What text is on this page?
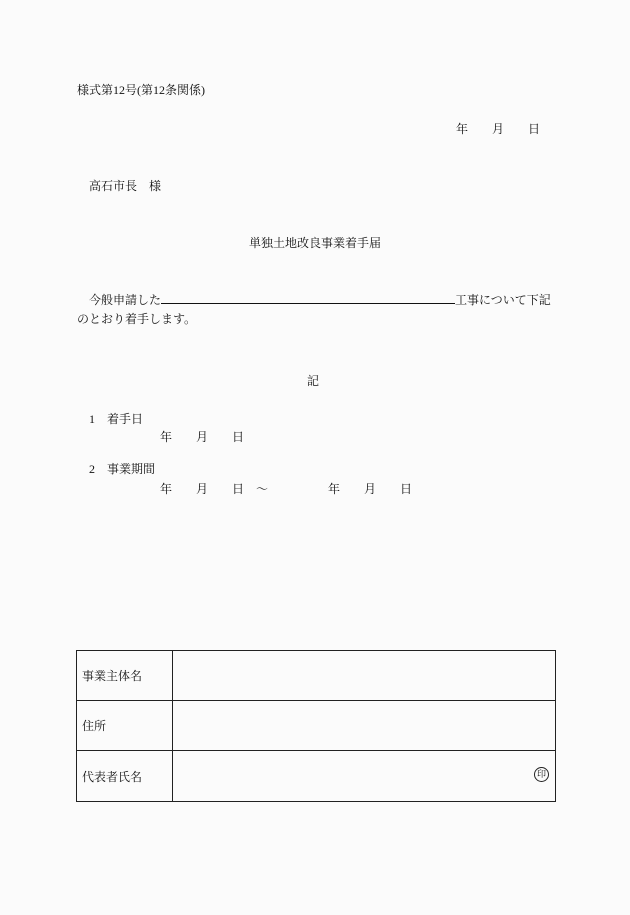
様式第12号(第12条関係)
年　　月　　日
高石市長　様
単独土地改良事業着手届
今般申請した	工事について下記
のとおり着手します。
記
1 着手日
年　　月　　日
2 事業期間
年　　月　　日　〜　　　　　年　　月　　日
事業主体名
住所
代表者氏名	印
